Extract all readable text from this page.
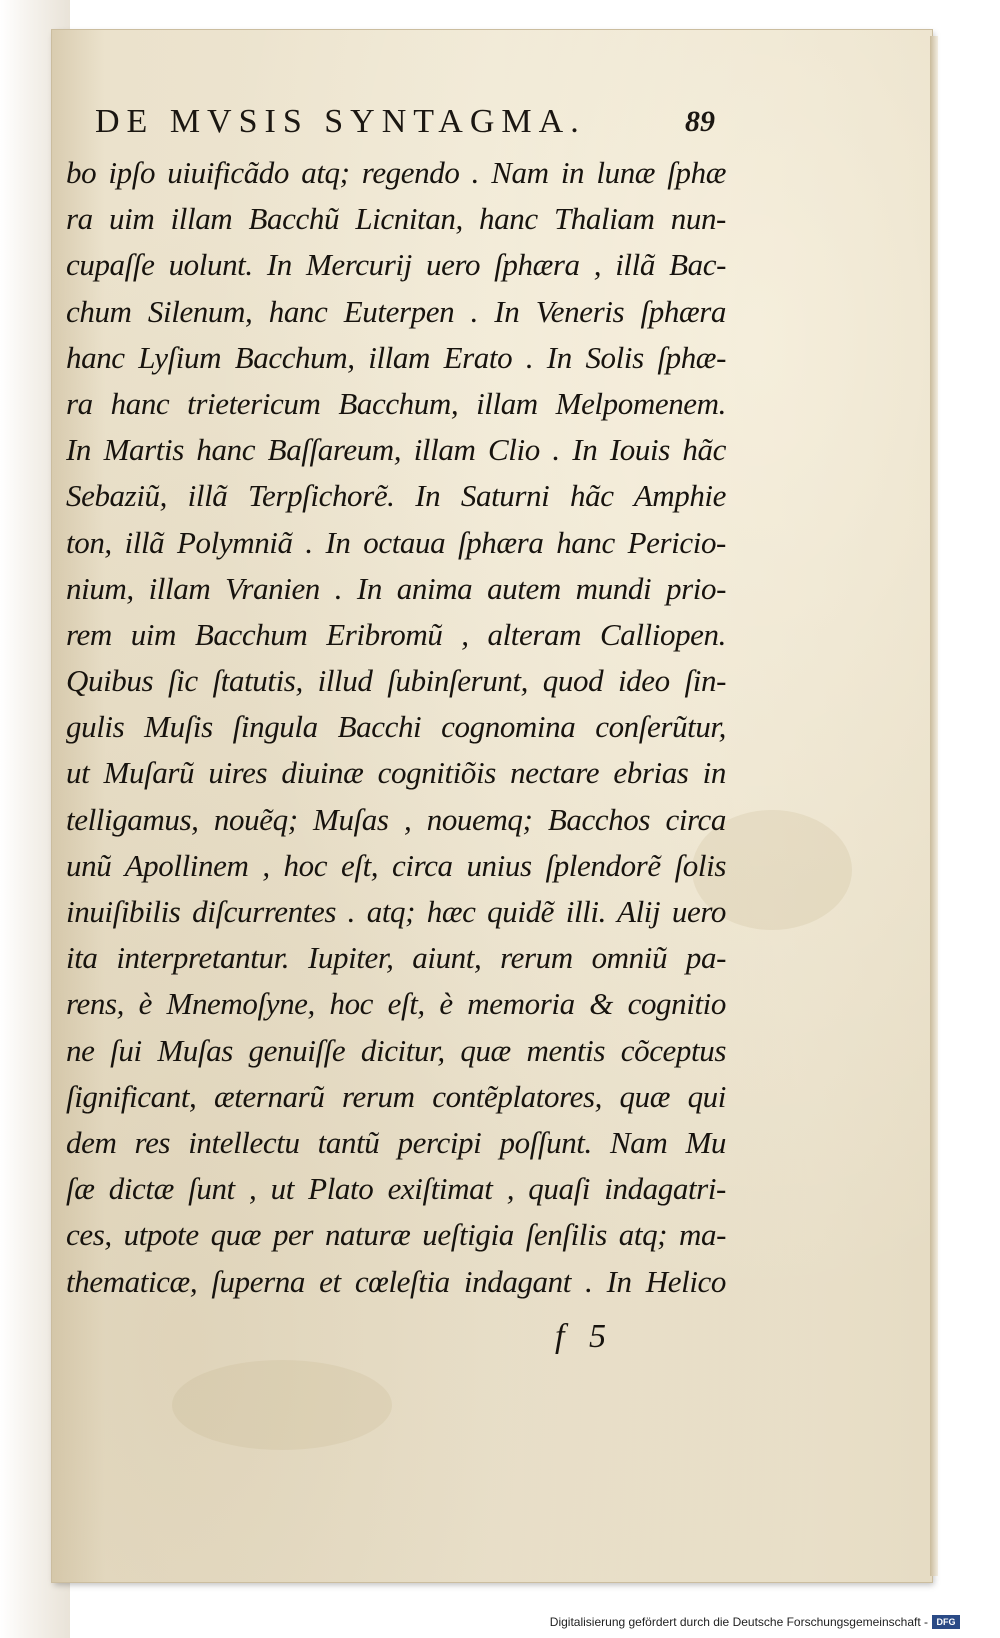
DE MVSIS SYNTAGMA.	89
bo ipſo uiuificãdo atq; regendo . Nam in lunæ ſphæ
ra uim illam Bacchũ Licnitan, hanc Thaliam nun-
cupaſſe uolunt. In Mercurij uero ſphæra , illã Bac-
chum Silenum, hanc Euterpen . In Veneris ſphæra
hanc Lyſium Bacchum, illam Erato . In Solis ſphæ-
ra hanc trietericum Bacchum, illam Melpomenem.
In Martis hanc Baſſareum, illam Clio . In Iouis hãc
Sebaziũ, illã Terpſichorẽ. In Saturni hãc Amphie
ton, illã Polymniã . In octaua ſphæra hanc Pericio-
nium, illam Vranien . In anima autem mundi prio-
rem uim Bacchum Eribromũ , alteram Calliopen.
Quibus ſic ſtatutis, illud ſubinſerunt, quod ideo ſin-
gulis Muſis ſingula Bacchi cognomina conſerũtur,
ut Muſarũ uires diuinæ cognitiõis nectare ebrias in
telligamus, nouẽq; Muſas , nouemq; Bacchos circa
unũ Apollinem , hoc eſt, circa unius ſplendorẽ ſolis
inuiſibilis diſcurrentes . atq; hæc quidẽ illi. Alij uero
ita interpretantur. Iupiter, aiunt, rerum omniũ pa-
rens, è Mnemoſyne, hoc eſt, è memoria & cognitio
ne ſui Muſas genuiſſe dicitur, quæ mentis cõceptus
ſignificant, æternarũ rerum contẽplatores, quæ qui
dem res intellectu tantũ percipi poſſunt. Nam Mu
ſæ dictæ ſunt , ut Plato exiſtimat , quaſi indagatri-
ces, utpote quæ per naturæ ueſtigia ſenſilis atq; ma-
thematicæ, ſuperna et cœleſtia indagant . In Helico
f 5
Digitalisierung gefördert durch die Deutsche Forschungsgemeinschaft - DFG
